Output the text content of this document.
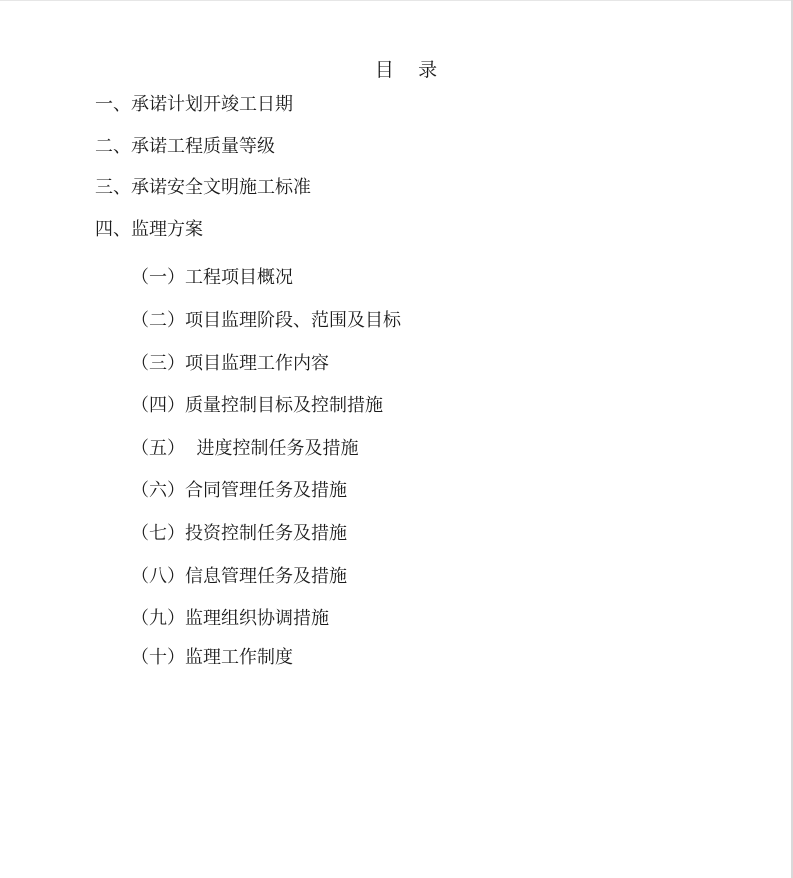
目    录
一、承诺计划开竣工日期
二、承诺工程质量等级
三、承诺安全文明施工标准
四、监理方案
（一）工程项目概况
（二）项目监理阶段、范围及目标
（三）项目监理工作内容
（四）质量控制目标及控制措施
（五）  进度控制任务及措施
（六）合同管理任务及措施
（七）投资控制任务及措施
（八）信息管理任务及措施
（九）监理组织协调措施
（十）监理工作制度
